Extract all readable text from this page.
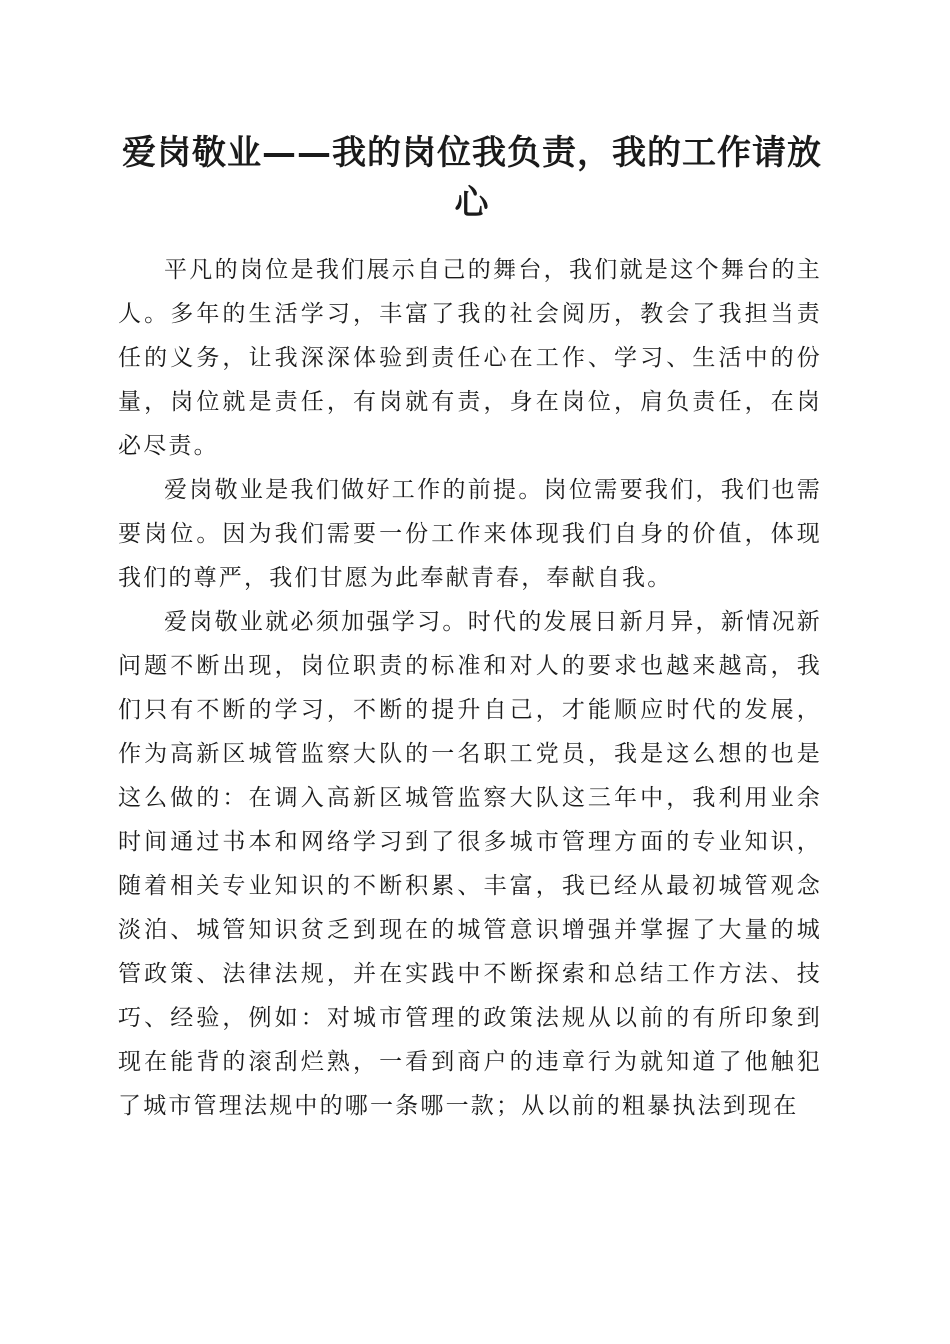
爱岗敬业——我的岗位我负责，我的工作请放心

平凡的岗位是我们展示自己的舞台，我们就是这个舞台的主人。多年的生活学习，丰富了我的社会阅历，教会了我担当责任的义务，让我深深体验到责任心在工作、学习、生活中的份量，岗位就是责任，有岗就有责，身在岗位，肩负责任，在岗必尽责。

爱岗敬业是我们做好工作的前提。岗位需要我们，我们也需要岗位。因为我们需要一份工作来体现我们自身的价值，体现我们的尊严，我们甘愿为此奉献青春，奉献自我。

爱岗敬业就必须加强学习。时代的发展日新月异，新情况新问题不断出现，岗位职责的标准和对人的要求也越来越高，我们只有不断的学习，不断的提升自己，才能顺应时代的发展，作为高新区城管监察大队的一名职工党员，我是这么想的也是这么做的：在调入高新区城管监察大队这三年中，我利用业余时间通过书本和网络学习到了很多城市管理方面的专业知识，随着相关专业知识的不断积累、丰富，我已经从最初城管观念淡泊、城管知识贫乏到现在的城管意识增强并掌握了大量的城管政策、法律法规，并在实践中不断探索和总结工作方法、技巧、经验，例如：对城市管理的政策法规从以前的有所印象到现在能背的滚刮烂熟，一看到商户的违章行为就知道了他触犯了城市管理法规中的哪一条哪一款；从以前的粗暴执法到现在
